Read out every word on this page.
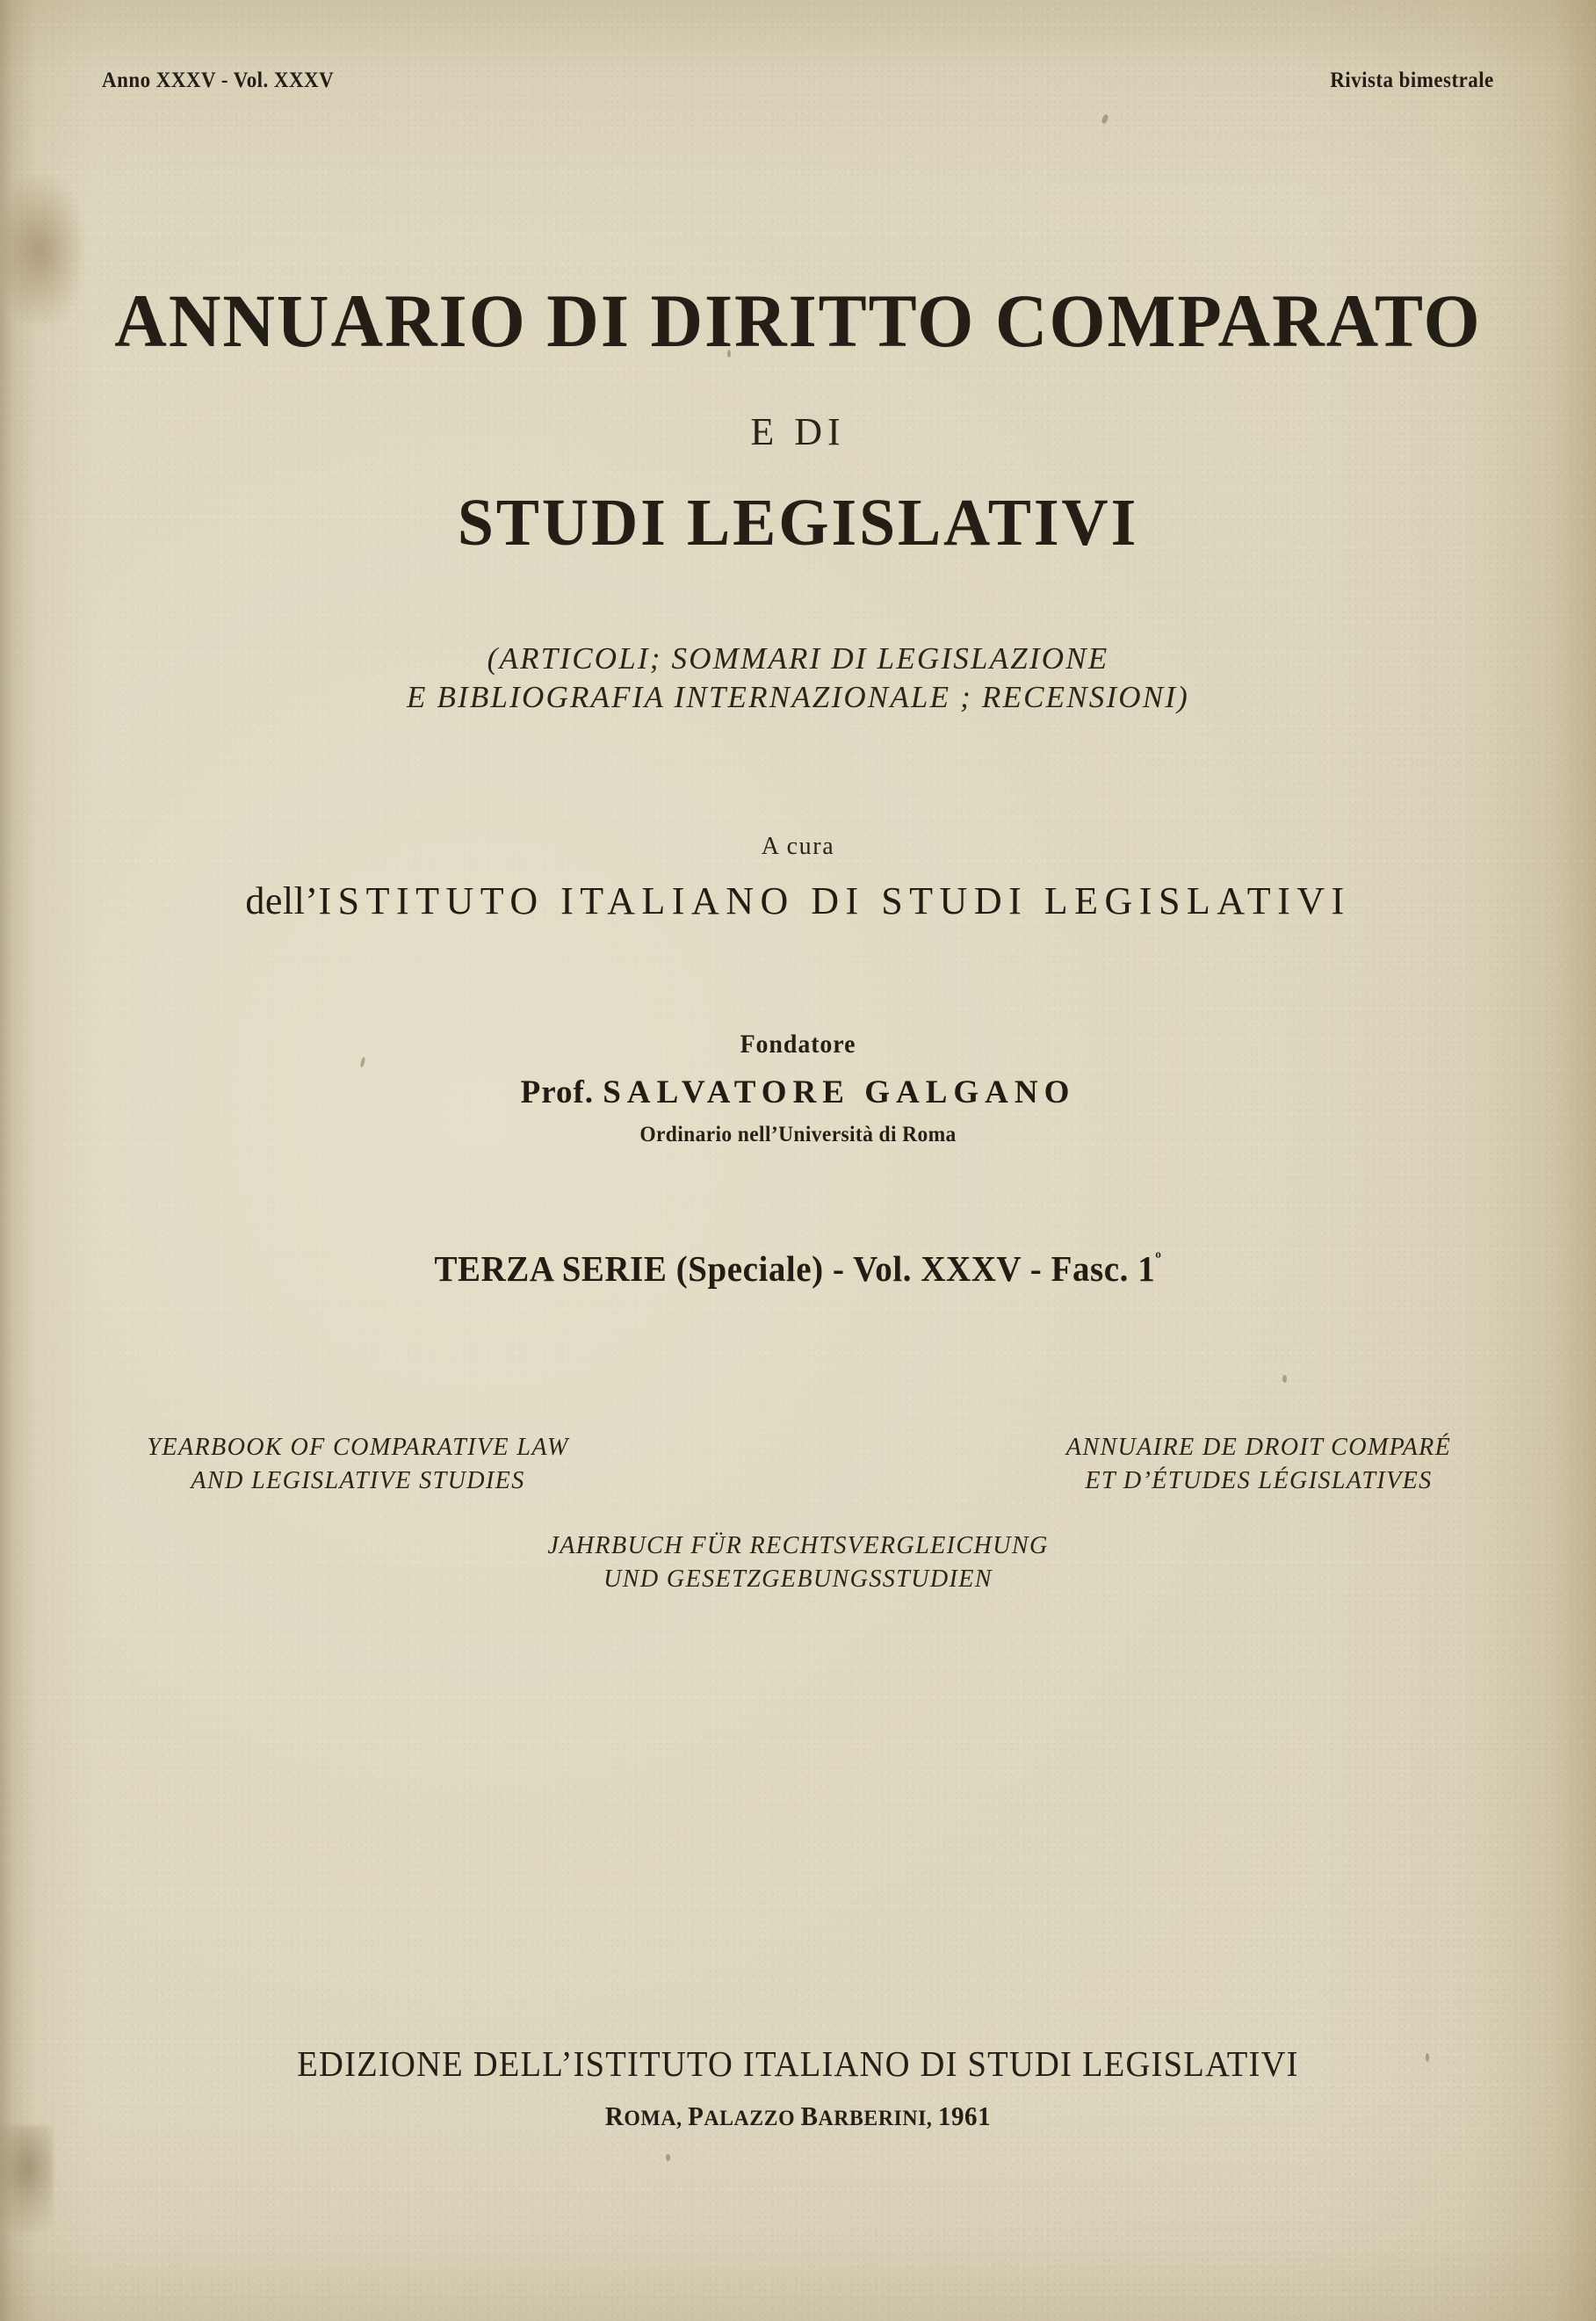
Anno XXXV - Vol. XXXV	Rivista bimestrale
ANNUARIO DI DIRITTO COMPARATO
E DI
STUDI LEGISLATIVI
(ARTICOLI; SOMMARI DI LEGISLAZIONE
E BIBLIOGRAFIA INTERNAZIONALE ; RECENSIONI)
A cura
dell’ISTITUTO ITALIANO DI STUDI LEGISLATIVI
Fondatore
Prof. SALVATORE GALGANO
Ordinario nell’Università di Roma
TERZA SERIE (Speciale) - Vol. XXXV - Fasc. $1^º$
YEARBOOK OF COMPARATIVE LAW
AND LEGISLATIVE STUDIES
ANNUAIRE DE DROIT COMPARÉ
ET D’ÉTUDES LÉGISLATIVES
JAHRBUCH FÜR RECHTSVERGLEICHUNG
UND GESETZGEBUNGSSTUDIEN
EDIZIONE DELL’ISTITUTO ITALIANO DI STUDI LEGISLATIVI
ROMA, PALAZZO BARBERINI, 1961
